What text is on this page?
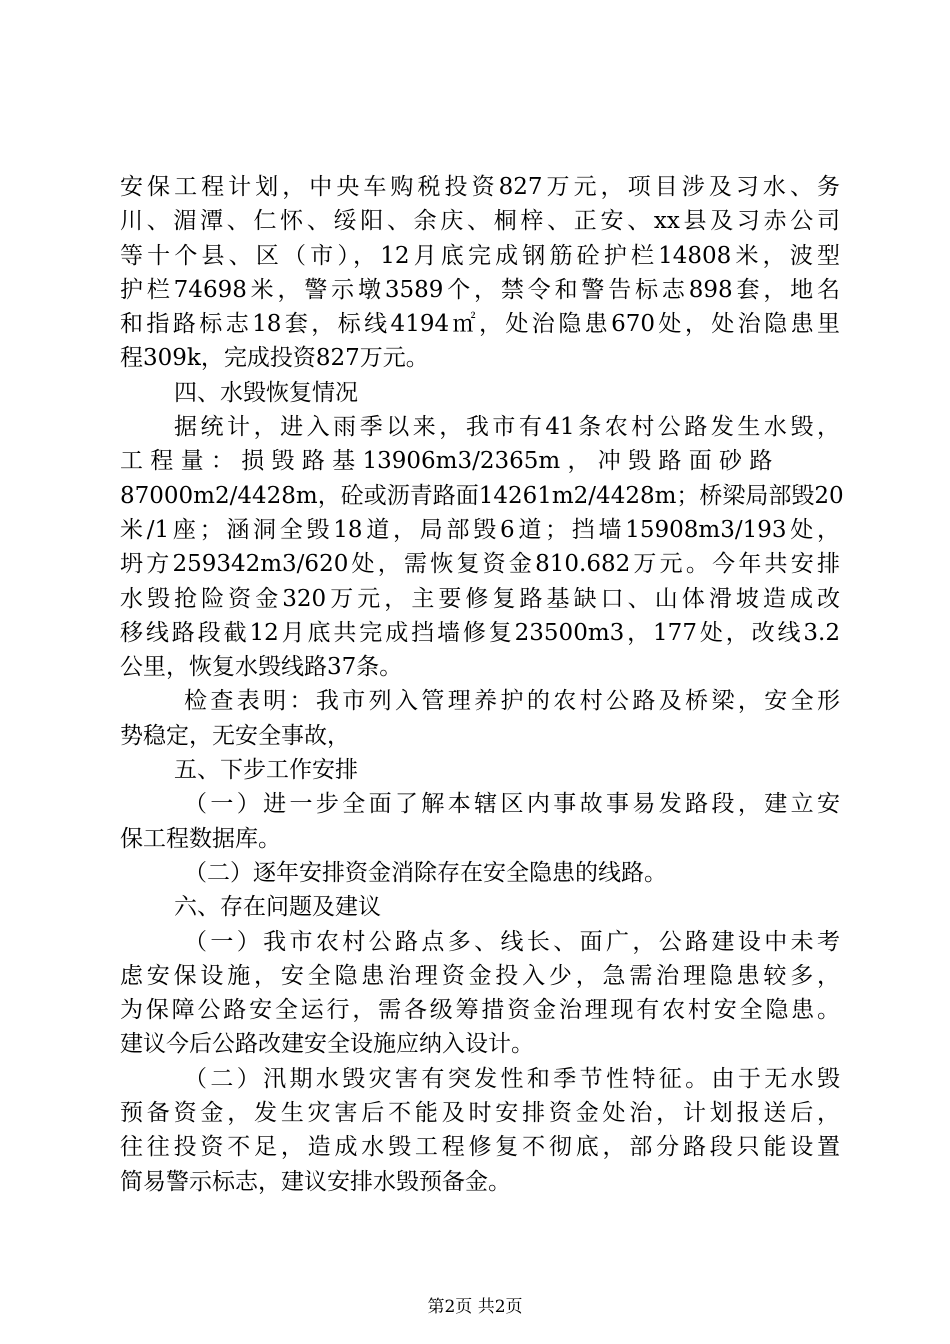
安保工程计划，中央车购税投资827万元，项目涉及习水、务
川、湄潭、仁怀、绥阳、余庆、桐梓、正安、xx县及习赤公司
等十个县、区（市），12月底完成钢筋砼护栏14808米，波型
护栏74698米，警示墩3589个，禁令和警告标志898套，地名
和指路标志18套，标线4194㎡，处治隐患670处，处治隐患里
程309k，完成投资827万元。
四、水毁恢复情况
据统计，进入雨季以来，我市有41条农村公路发生水毁，
工 程 量 ： 损 毁 路 基 13906m3/2365m ， 冲 毁 路 面 砂 路
87000m2/4428m，砼或沥青路面14261m2/4428m；桥梁局部毁20
米/1座；涵洞全毁18道，局部毁6道；挡墙15908m3/193处，
坍方259342m3/620处，需恢复资金810.682万元。今年共安排
水毁抢险资金320万元，主要修复路基缺口、山体滑坡造成改
移线路段截12月底共完成挡墙修复23500m3，177处，改线3.2
公里，恢复水毁线路37条。
检查表明：我市列入管理养护的农村公路及桥梁，安全形
势稳定，无安全事故，
五、下步工作安排
（一）进一步全面了解本辖区内事故事易发路段，建立安
保工程数据库。
（二）逐年安排资金消除存在安全隐患的线路。
六、存在问题及建议
（一）我市农村公路点多、线长、面广，公路建设中未考
虑安保设施，安全隐患治理资金投入少，急需治理隐患较多，
为保障公路安全运行，需各级筹措资金治理现有农村安全隐患。
建议今后公路改建安全设施应纳入设计。
（二）汛期水毁灾害有突发性和季节性特征。由于无水毁
预备资金，发生灾害后不能及时安排资金处治，计划报送后，
往往投资不足，造成水毁工程修复不彻底，部分路段只能设置
简易警示标志，建议安排水毁预备金。
第2页 共2页
